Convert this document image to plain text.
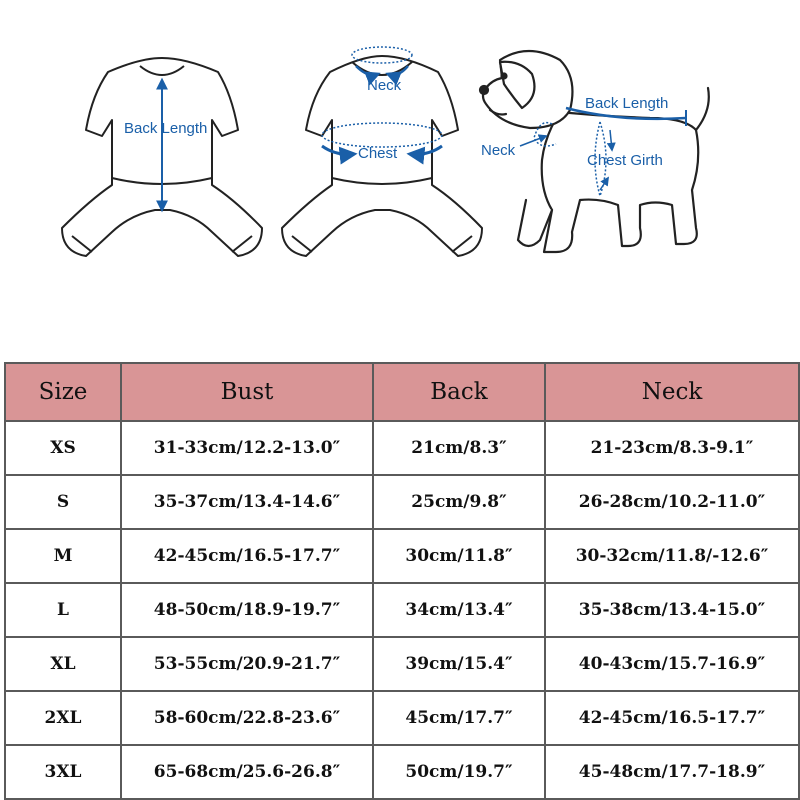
Back Length
Neck
Chest	Neck
Back Length
Chest Girth
Size	Bust	Back	Neck
XS	31-33cm/12.2-13.0″	21cm/8.3″	21-23cm/8.3-9.1″
S	35-37cm/13.4-14.6″	25cm/9.8″	26-28cm/10.2-11.0″
M	42-45cm/16.5-17.7″	30cm/11.8″	30-32cm/11.8/-12.6″
L	48-50cm/18.9-19.7″	34cm/13.4″	35-38cm/13.4-15.0″
XL	53-55cm/20.9-21.7″	39cm/15.4″	40-43cm/15.7-16.9″
2XL	58-60cm/22.8-23.6″	45cm/17.7″	42-45cm/16.5-17.7″
3XL	65-68cm/25.6-26.8″	50cm/19.7″	45-48cm/17.7-18.9″
